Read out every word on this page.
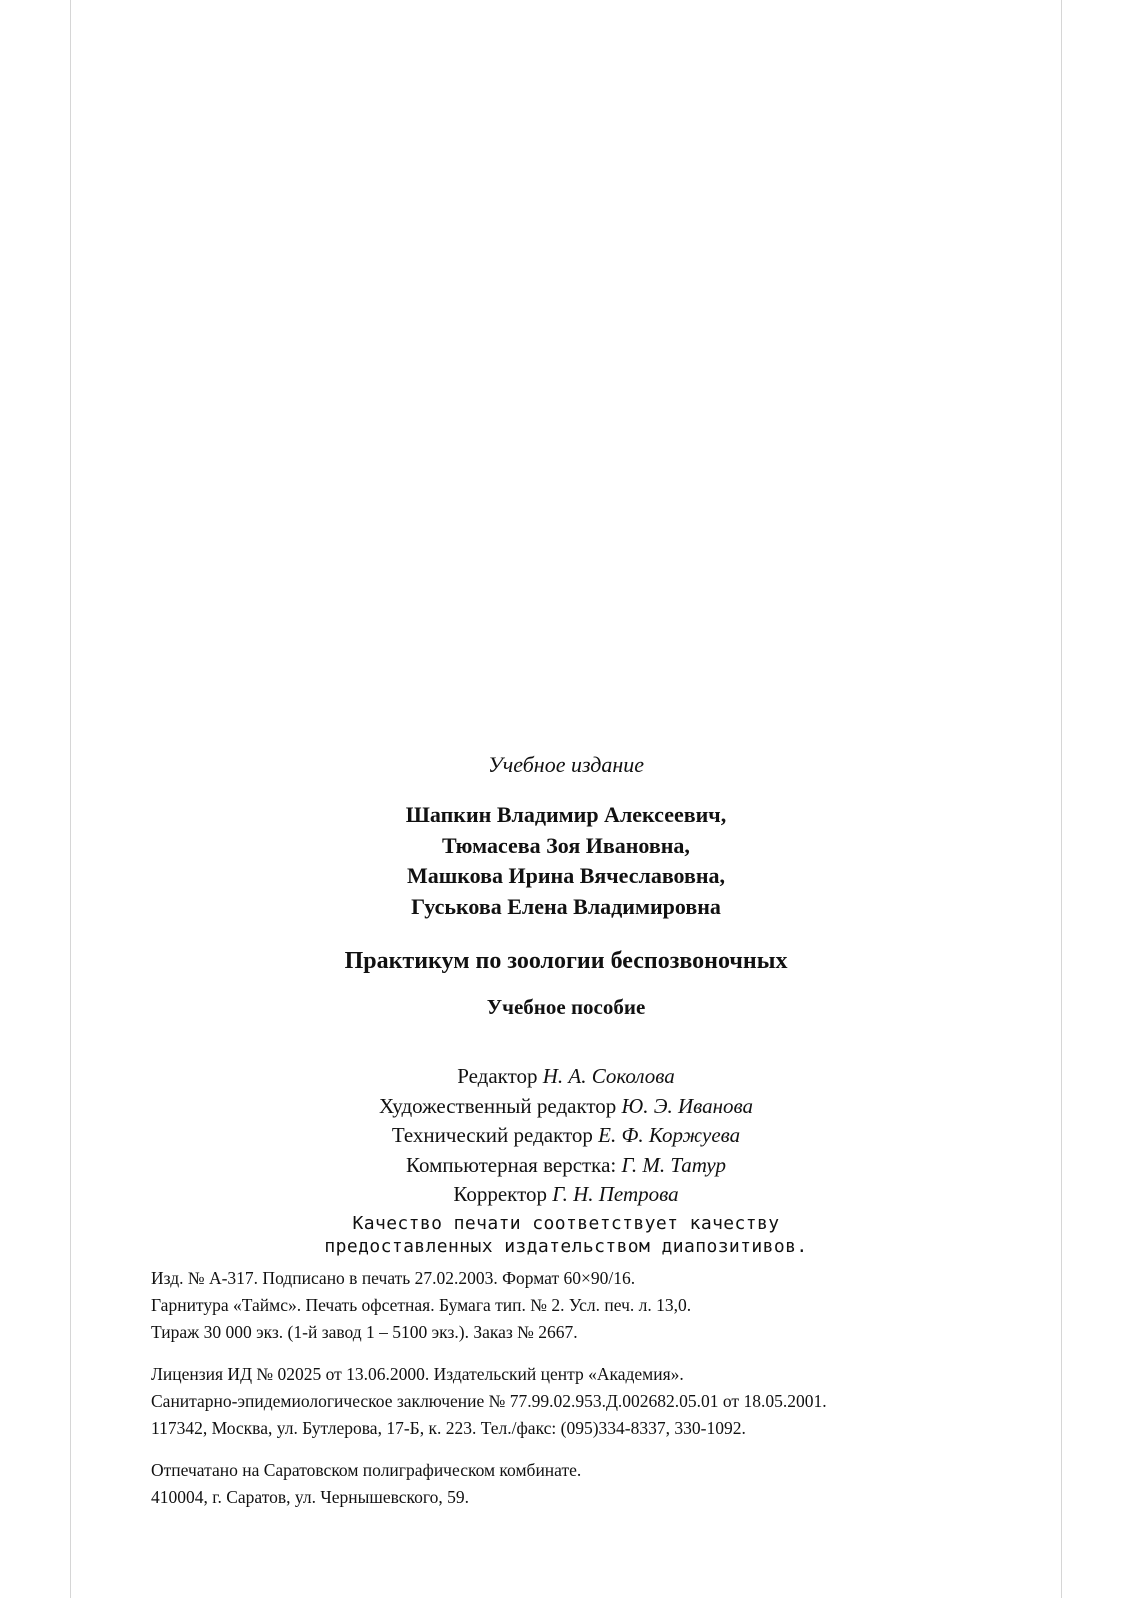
Учебное издание
Шапкин Владимир Алексеевич,
Тюмасева Зоя Ивановна,
Машкова Ирина Вячеславовна,
Гуськова Елена Владимировна
Практикум по зоологии беспозвоночных
Учебное пособие
Редактор Н. А. Соколова
Художественный редактор Ю. Э. Иванова
Технический редактор Е. Ф. Коржуева
Компьютерная верстка: Г. М. Татур
Корректор Г. Н. Петрова
Качество печати соответствует качеству
предоставленных издательством диапозитивов.
Изд. № А-317. Подписано в печать 27.02.2003. Формат 60×90/16.
Гарнитура «Таймс». Печать офсетная. Бумага тип. № 2. Усл. печ. л. 13,0.
Тираж 30 000 экз. (1-й завод 1 – 5100 экз.). Заказ № 2667.
Лицензия ИД № 02025 от 13.06.2000. Издательский центр «Академия».
Санитарно-эпидемиологическое заключение № 77.99.02.953.Д.002682.05.01 от 18.05.2001.
117342, Москва, ул. Бутлерова, 17-Б, к. 223. Тел./факс: (095)334-8337, 330-1092.
Отпечатано на Саратовском полиграфическом комбинате.
410004, г. Саратов, ул. Чернышевского, 59.
